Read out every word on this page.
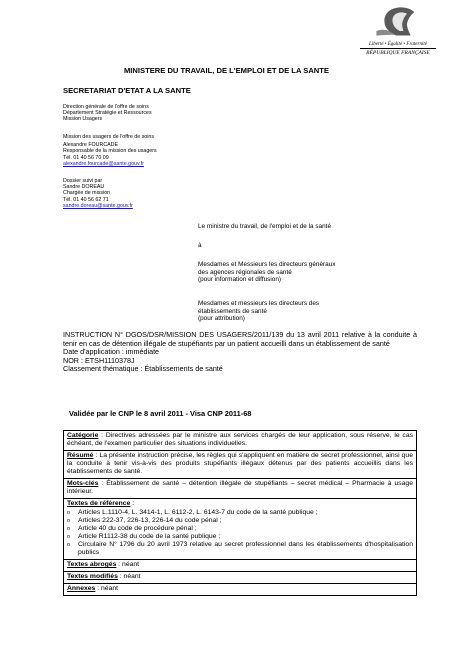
Liberté • Égalité • Fraternité
RÉPUBLIQUE FRANÇAISE
MINISTERE DU TRAVAIL, DE L'EMPLOI ET DE LA SANTE
SECRETARIAT D'ETAT A LA SANTE
Direction générale de l'offre de soins
Département Stratégie et Ressources
Mission Usagers
Mission des usagers de l'offre de soins
Alexandre FOURCADE
Responsable de la mission des usagers
Tél. 01 40 56 70 09
alexandre.fourcade@sante.gouv.fr
Dossier suivi par
Sandre DOREAU
Chargée de mission
Tél. 01 40 56 62 71
sandre.doreau@sante.gouv.fr
Le ministre du travail, de l'emploi et de la santé
à
Mesdames et Messieurs les directeurs généraux
des agences régionales de santé
(pour information et diffusion)
Mesdames et messieurs les directeurs des
établissements de santé
(pour attribution)
INSTRUCTION N° DGOS/DSR/MISSION DES USAGERS/2011/139 du 13 avril 2011 relative à la conduite à tenir en cas de détention illégale de stupéfiants par un patient accueilli dans un établissement de santé
Date d'application : immédiate
NOR : ETSH1110378J
Classement thématique : Établissements de santé
Validée par le CNP le 8 avril 2011 - Visa CNP 2011-68
Catégorie : Directives adressées par le ministre aux services chargés de leur application, sous réserve, le cas échéant, de l'examen particulier des situations individuelles.
Résumé : La présente instruction précise, les règles qui s'appliquent en matière de secret professionnel, ainsi que la conduite à tenir vis-à-vis des produits stupéfiants illégaux détenus par des patients accueillis dans les établissements de santé.
Mots-clés : Établissement de santé – détention illégale de stupéfiants – secret médical – Pharmacie à usage intérieur.
Textes de référence :
o Articles L.1110-4, L. 3414-1, L. 6112-2, L. 6143-7 du code de la santé publique ;
o Articles 222-37, 226-13, 226-14 du code pénal ;
o Article 40 du code de procédure pénal ;
o Article R1112-38 du code de la santé publique ;
o Circulaire N° 1796 du 20 avril 1973 relative au secret professionnel dans les établissements d'hospitalisation publics

Textes abrogés : néant
Textes modifiés : néant
Annexes : néant
